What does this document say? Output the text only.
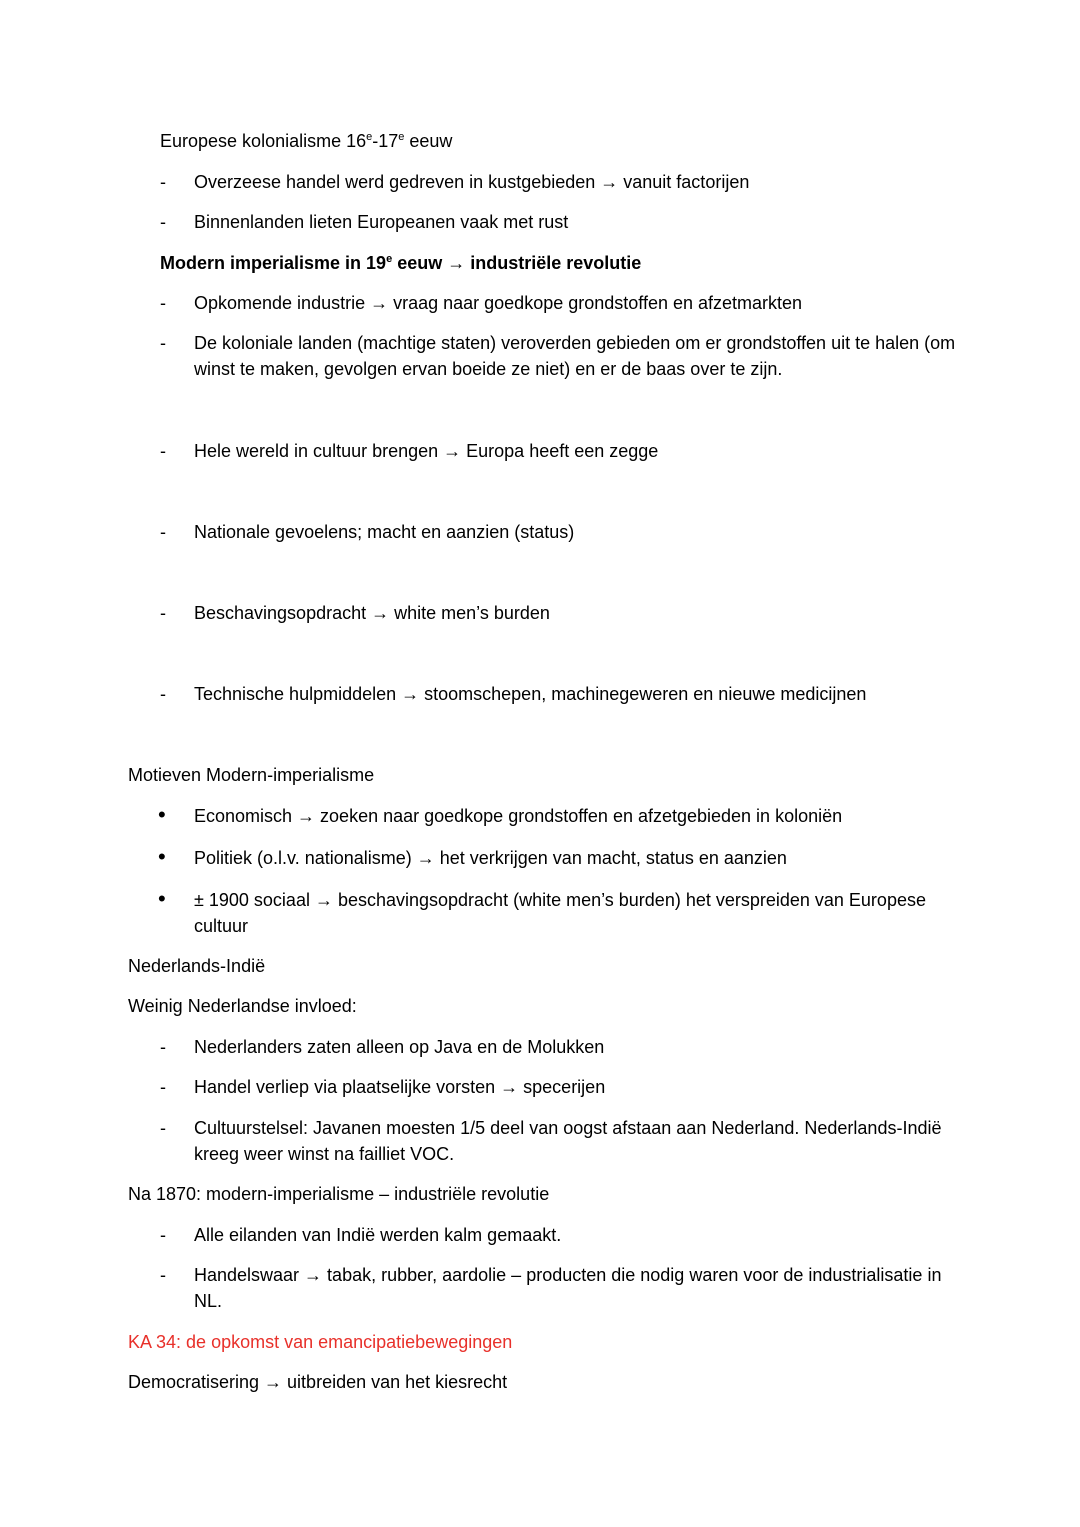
Europese kolonialisme 16e-17e eeuw
-	Overzeese handel werd gedreven in kustgebieden → vanuit factorijen
-	Binnenlanden lieten Europeanen vaak met rust
Modern imperialisme in 19e eeuw → industriële revolutie
-	Opkomende industrie → vraag naar goedkope grondstoffen en afzetmarkten
-	De koloniale landen (machtige staten) veroverden gebieden om er grondstoffen uit te halen (om winst te maken, gevolgen ervan boeide ze niet) en er de baas over te zijn.
-	Hele wereld in cultuur brengen → Europa heeft een zegge
-	Nationale gevoelens; macht en aanzien (status)
-	Beschavingsopdracht → white men’s burden
-	Technische hulpmiddelen → stoomschepen, machinegeweren en nieuwe medicijnen
Motieven Modern-imperialisme
• Economisch → zoeken naar goedkope grondstoffen en afzetgebieden in koloniën
• Politiek (o.l.v. nationalisme) → het verkrijgen van macht, status en aanzien
• ± 1900 sociaal → beschavingsopdracht (white men’s burden) het verspreiden van Europese cultuur
Nederlands-Indië
Weinig Nederlandse invloed:
-	Nederlanders zaten alleen op Java en de Molukken
-	Handel verliep via plaatselijke vorsten → specerijen
-	Cultuurstelsel: Javanen moesten 1/5 deel van oogst afstaan aan Nederland. Nederlands-Indië kreeg weer winst na failliet VOC.
Na 1870: modern-imperialisme – industriële revolutie
-	Alle eilanden van Indië werden kalm gemaakt.
-	Handelswaar → tabak, rubber, aardolie – producten die nodig waren voor de industrialisatie in NL.
KA 34: de opkomst van emancipatiebewegingen
Democratisering → uitbreiden van het kiesrecht
